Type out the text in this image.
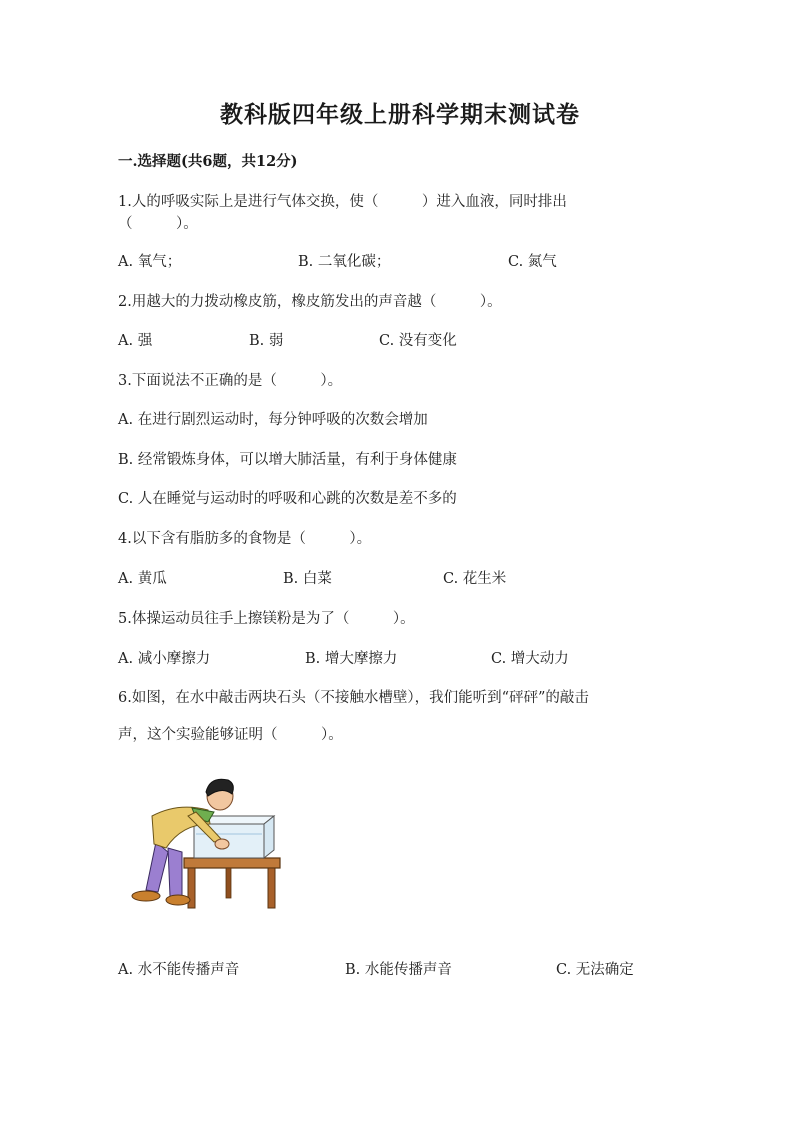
教科版四年级上册科学期末测试卷
一.选择题(共6题，共12分)
1.人的呼吸实际上是进行气体交换，使（　　　）进入血液，同时排出
（　　　）。
A. 氧气；	B. 二氧化碳；	C. 氮气
2.用越大的力拨动橡皮筋，橡皮筋发出的声音越（　　　）。
A. 强	B. 弱	C. 没有变化
3.下面说法不正确的是（　　　）。
A. 在进行剧烈运动时，每分钟呼吸的次数会增加
B. 经常锻炼身体，可以增大肺活量，有利于身体健康
C. 人在睡觉与运动时的呼吸和心跳的次数是差不多的
4.以下含有脂肪多的食物是（　　　）。
A. 黄瓜	B. 白菜	C. 花生米
5.体操运动员往手上擦镁粉是为了（　　　）。
A. 减小摩擦力	B. 增大摩擦力	C. 增大动力
6.如图，在水中敲击两块石头（不接触水槽壁），我们能听到“砰砰”的敲击
声，这个实验能够证明（　　　）。
A. 水不能传播声音	B. 水能传播声音	C. 无法确定
